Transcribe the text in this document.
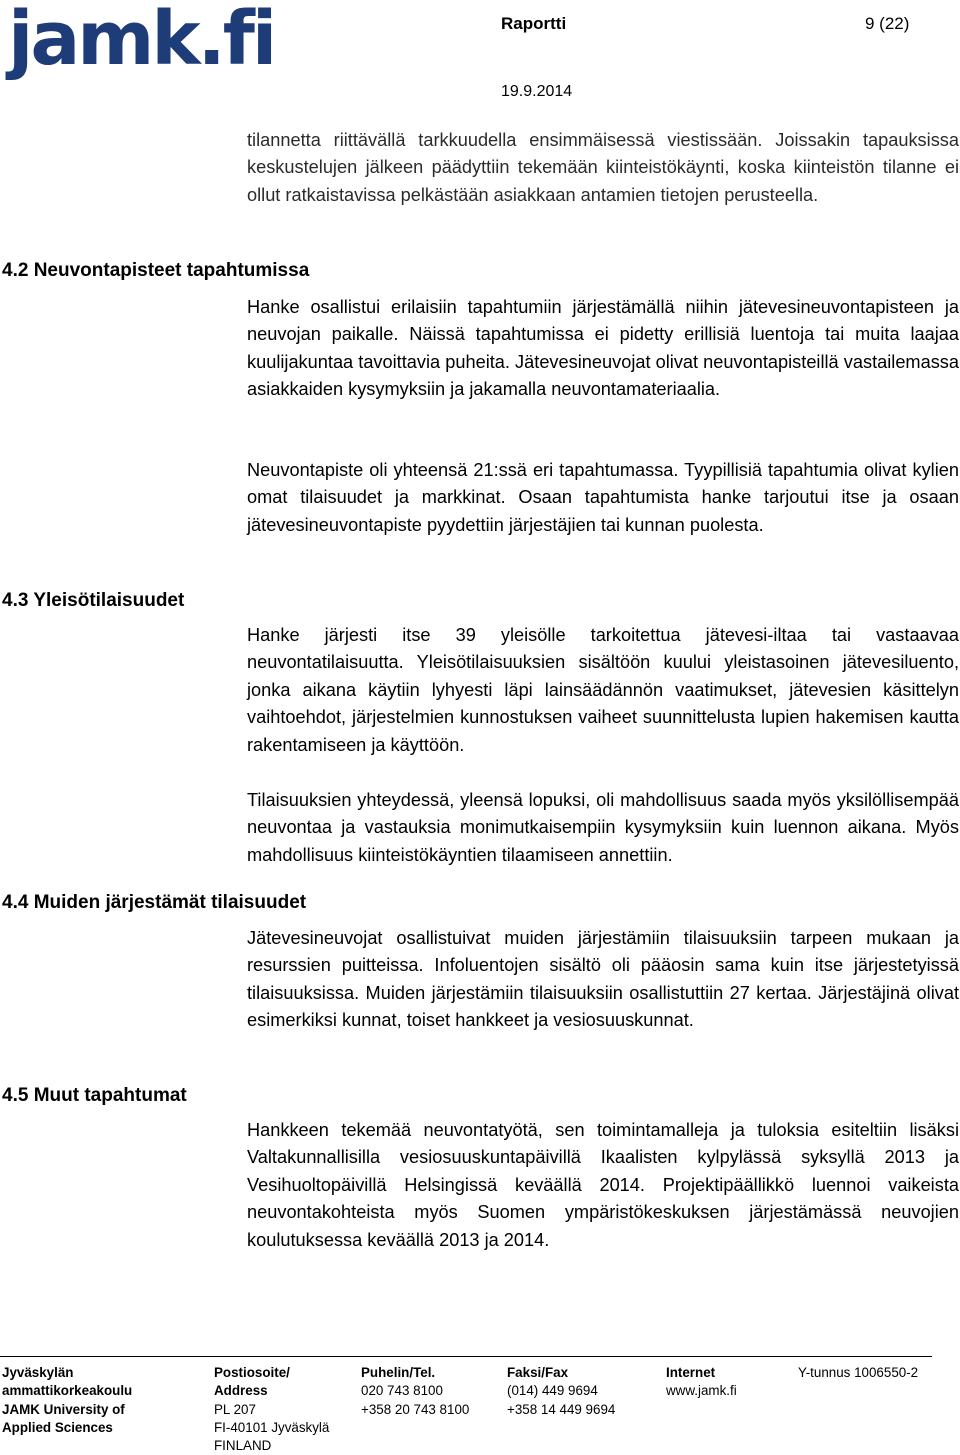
jamk.fi	Raportti	9 (22)
19.9.2014
tilannetta riittävällä tarkkuudella ensimmäisessä viestissään. Joissakin tapauksissa keskustelujen jälkeen päädyttiin tekemään kiinteistökäynti, koska kiinteistön tilanne ei ollut ratkaistavissa pelkästään asiakkaan antamien tietojen perusteella.
4.2 Neuvontapisteet tapahtumissa
Hanke osallistui erilaisiin tapahtumiin järjestämällä niihin jätevesineuvontapisteen ja neuvojan paikalle. Näissä tapahtumissa ei pidetty erillisiä luentoja tai muita laajaa kuulijakuntaa tavoittavia puheita. Jätevesineuvojat olivat neuvontapisteillä vastailemassa asiakkaiden kysymyksiin ja jakamalla neuvontamateriaalia.
Neuvontapiste oli yhteensä 21:ssä eri tapahtumassa. Tyypillisiä tapahtumia olivat kylien omat tilaisuudet ja markkinat. Osaan tapahtumista hanke tarjoutui itse ja osaan jätevesineuvontapiste pyydettiin järjestäjien tai kunnan puolesta.
4.3 Yleisötilaisuudet
Hanke järjesti itse 39 yleisölle tarkoitettua jätevesi-iltaa tai vastaavaa neuvontatilaisuutta. Yleisötilaisuuksien sisältöön kuului yleistasoinen jätevesiluento, jonka aikana käytiin lyhyesti läpi lainsäädännön vaatimukset, jätevesien käsittelyn vaihtoehdot, järjestelmien kunnostuksen vaiheet suunnittelusta lupien hakemisen kautta rakentamiseen ja käyttöön.
Tilaisuuksien yhteydessä, yleensä lopuksi, oli mahdollisuus saada myös yksilöllisempää neuvontaa ja vastauksia monimutkaisempiin kysymyksiin kuin luennon aikana. Myös mahdollisuus kiinteistökäyntien tilaamiseen annettiin.
4.4 Muiden järjestämät tilaisuudet
Jätevesineuvojat osallistuivat muiden järjestämiin tilaisuuksiin tarpeen mukaan ja resurssien puitteissa. Infoluentojen sisältö oli pääosin sama kuin itse järjestetyissä tilaisuuksissa. Muiden järjestämiin tilaisuuksiin osallistuttiin 27 kertaa. Järjestäjinä olivat esimerkiksi kunnat, toiset hankkeet ja vesiosuuskunnat.
4.5 Muut tapahtumat
Hankkeen tekemää neuvontatyötä, sen toimintamalleja ja tuloksia esiteltiin lisäksi Valtakunnallisilla vesiosuuskuntapäivillä Ikaalisten kylpylässä syksyllä 2013 ja Vesihuoltopäivillä Helsingissä keväällä 2014. Projektipäällikkö luennoi vaikeista neuvontakohteista myös Suomen ympäristökeskuksen järjestämässä neuvojien koulutuksessa keväällä 2013 ja 2014.
Jyväskylän
ammattikorkeakoulu
JAMK University of
Applied Sciences
Postiosoite/
Address
PL 207
FI-40101 Jyväskylä
FINLAND
Puhelin/Tel.
020 743 8100
+358 20 743 8100
Faksi/Fax
(014) 449 9694
+358 14 449 9694
Internet
www.jamk.fi
Y-tunnus 1006550-2
